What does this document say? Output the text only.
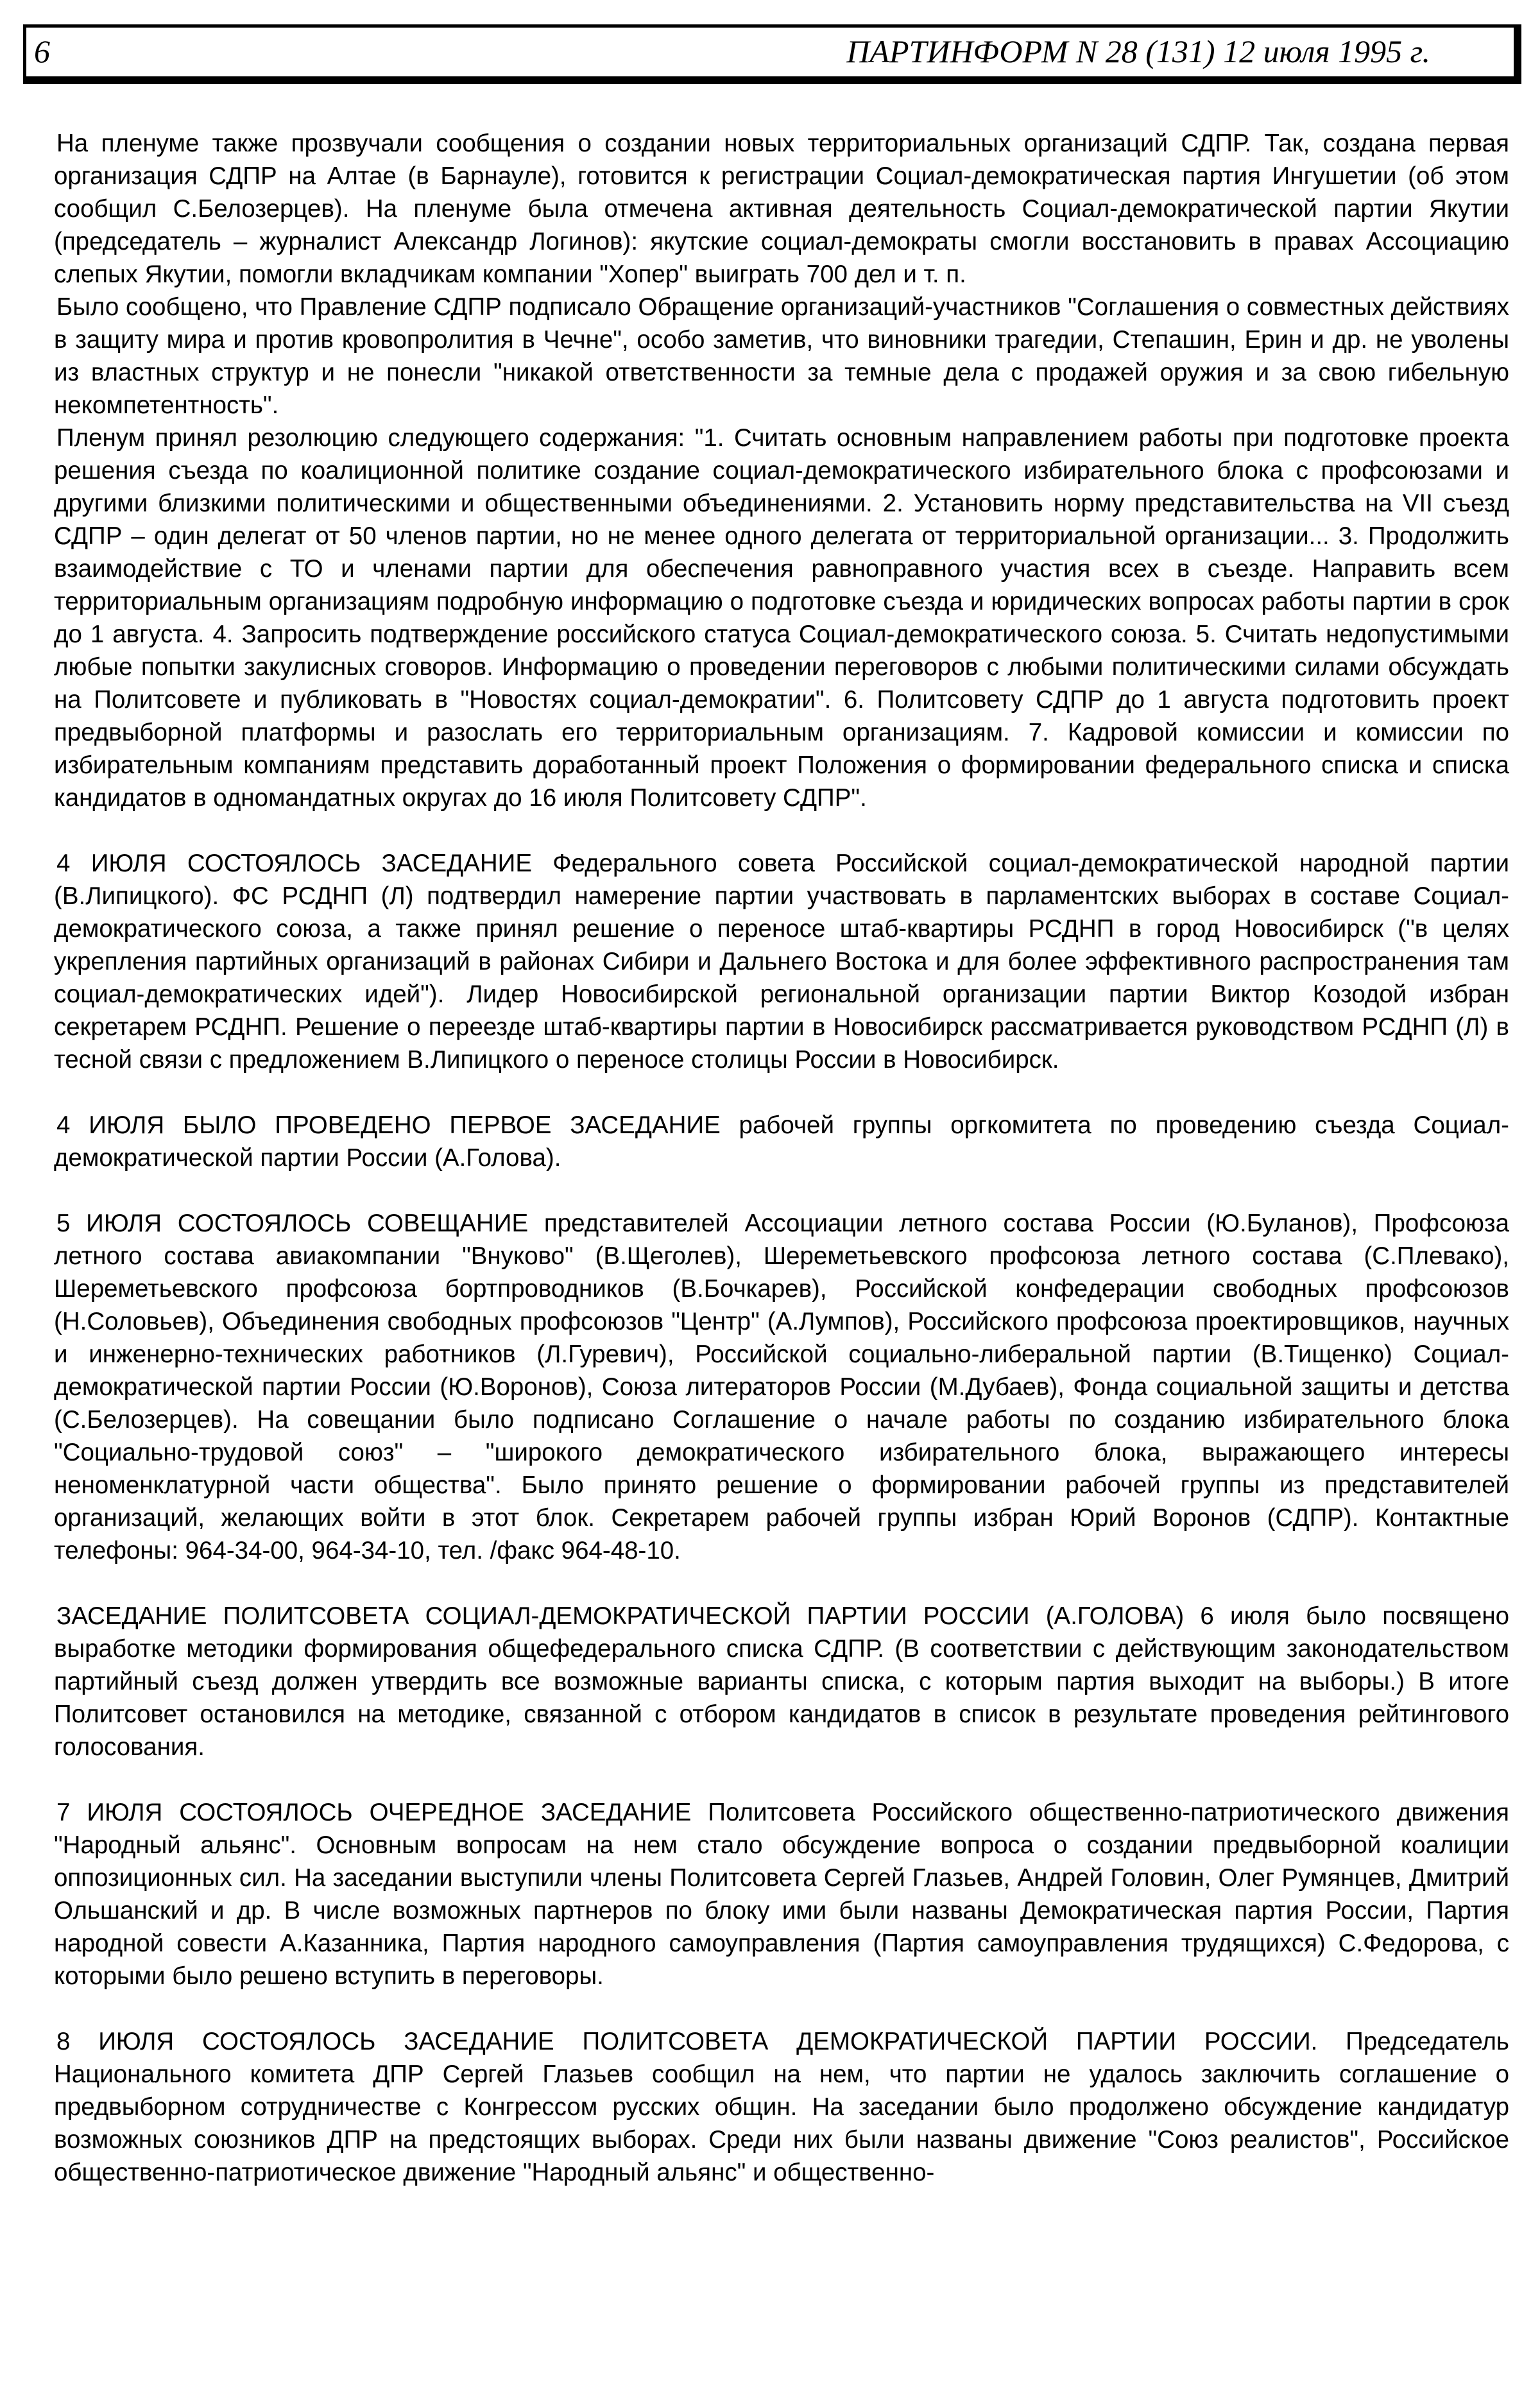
6	ПАРТИНФОРМ N 28 (131) 12 июля 1995 г.

На пленуме также прозвучали сообщения о создании новых территориальных организаций СДПР. Так, создана первая организация СДПР на Алтае (в Барнауле), готовится к регистрации Социал-демократическая партия Ингушетии (об этом сообщил С.Белозерцев). На пленуме была отмечена активная деятельность Социал-демократической партии Якутии (председатель – журналист Александр Логинов): якутские социал-демократы смогли восстановить в правах Ассоциацию слепых Якутии, помогли вкладчикам компании "Хопер" выиграть 700 дел и т. п.

Было сообщено, что Правление СДПР подписало Обращение организаций-участников "Соглашения о совместных действиях в защиту мира и против кровопролития в Чечне", особо заметив, что виновники трагедии, Степашин, Ерин и др. не уволены из властных структур и не понесли "никакой ответственности за темные дела с продажей оружия и за свою гибельную некомпетентность".

Пленум принял резолюцию следующего содержания: "1. Считать основным направлением работы при подготовке проекта решения съезда по коалиционной политике создание социал-демократического избирательного блока с профсоюзами и другими близкими политическими и общественными объединениями. 2. Установить норму представительства на VII съезд СДПР – один делегат от 50 членов партии, но не менее одного делегата от территориальной организации... 3. Продолжить взаимодействие с ТО и членами партии для обеспечения равноправного участия всех в съезде. Направить всем территориальным организациям подробную информацию о подготовке съезда и юридических вопросах работы партии в срок до 1 августа. 4. Запросить подтверждение российского статуса Социал-демократического союза. 5. Считать недопустимыми любые попытки закулисных сговоров. Информацию о проведении переговоров с любыми политическими силами обсуждать на Политсовете и публиковать в "Новостях социал-демократии". 6. Политсовету СДПР до 1 августа подготовить проект предвыборной платформы и разослать его территориальным организациям. 7. Кадровой комиссии и комиссии по избирательным компаниям представить доработанный проект Положения о формировании федерального списка и списка кандидатов в одномандатных округах до 16 июля Политсовету СДПР".

4 ИЮЛЯ СОСТОЯЛОСЬ ЗАСЕДАНИЕ Федерального совета Российской социал-демократической народной партии (В.Липицкого). ФС РСДНП (Л) подтвердил намерение партии участвовать в парламентских выборах в составе Социал-демократического союза, а также принял решение о переносе штаб-квартиры РСДНП в город Новосибирск ("в целях укрепления партийных организаций в районах Сибири и Дальнего Востока и для более эффективного распространения там социал-демократических идей"). Лидер Новосибирской региональной организации партии Виктор Козодой избран секретарем РСДНП. Решение о переезде штаб-квартиры партии в Новосибирск рассматривается руководством РСДНП (Л) в тесной связи с предложением В.Липицкого о переносе столицы России в Новосибирск.

4 ИЮЛЯ БЫЛО ПРОВЕДЕНО ПЕРВОЕ ЗАСЕДАНИЕ рабочей группы оргкомитета по проведению съезда Социал-демократической партии России (А.Голова).

5 ИЮЛЯ СОСТОЯЛОСЬ СОВЕЩАНИЕ представителей Ассоциации летного состава России (Ю.Буланов), Профсоюза летного состава авиакомпании "Внуково" (В.Щеголев), Шереметьевского профсоюза летного состава (С.Плевако), Шереметьевского профсоюза бортпроводников (В.Бочкарев), Российской конфедерации свободных профсоюзов (Н.Соловьев), Объединения свободных профсоюзов "Центр" (А.Лумпов), Российского профсоюза проектировщиков, научных и инженерно-технических работников (Л.Гуревич), Российской социально-либеральной партии (В.Тищенко) Социал-демократической партии России (Ю.Воронов), Союза литераторов России (М.Дубаев), Фонда социальной защиты и детства (С.Белозерцев). На совещании было подписано Соглашение о начале работы по созданию избирательного блока "Социально-трудовой союз" – "широкого демократического избирательного блока, выражающего интересы неноменклатурной части общества". Было принято решение о формировании рабочей группы из представителей организаций, желающих войти в этот блок. Секретарем рабочей группы избран Юрий Воронов (СДПР). Контактные телефоны: 964-34-00, 964-34-10, тел. /факс 964-48-10.

ЗАСЕДАНИЕ ПОЛИТСОВЕТА СОЦИАЛ-ДЕМОКРАТИЧЕСКОЙ ПАРТИИ РОССИИ (А.ГОЛОВА) 6 июля было посвящено выработке методики формирования общефедерального списка СДПР. (В соответствии с действующим законодательством партийный съезд должен утвердить все возможные варианты списка, с которым партия выходит на выборы.) В итоге Политсовет остановился на методике, связанной с отбором кандидатов в список в результате проведения рейтингового голосования.

7 ИЮЛЯ СОСТОЯЛОСЬ ОЧЕРЕДНОЕ ЗАСЕДАНИЕ Политсовета Российского общественно-патриотического движения "Народный альянс". Основным вопросам на нем стало обсуждение вопроса о создании предвыборной коалиции оппозиционных сил. На заседании выступили члены Политсовета Сергей Глазьев, Андрей Головин, Олег Румянцев, Дмитрий Ольшанский и др. В числе возможных партнеров по блоку ими были названы Демократическая партия России, Партия народной совести А.Казанника, Партия народного самоуправления (Партия самоуправления трудящихся) С.Федорова, с которыми было решено вступить в переговоры.

8 ИЮЛЯ СОСТОЯЛОСЬ ЗАСЕДАНИЕ ПОЛИТСОВЕТА ДЕМОКРАТИЧЕСКОЙ ПАРТИИ РОССИИ. Председатель Национального комитета ДПР Сергей Глазьев сообщил на нем, что партии не удалось заключить соглашение о предвыборном сотрудничестве с Конгрессом русских общин. На заседании было продолжено обсуждение кандидатур возможных союзников ДПР на предстоящих выборах. Среди них были названы движение "Союз реалистов", Российское общественно-патриотическое движение "Народный альянс" и общественно-
